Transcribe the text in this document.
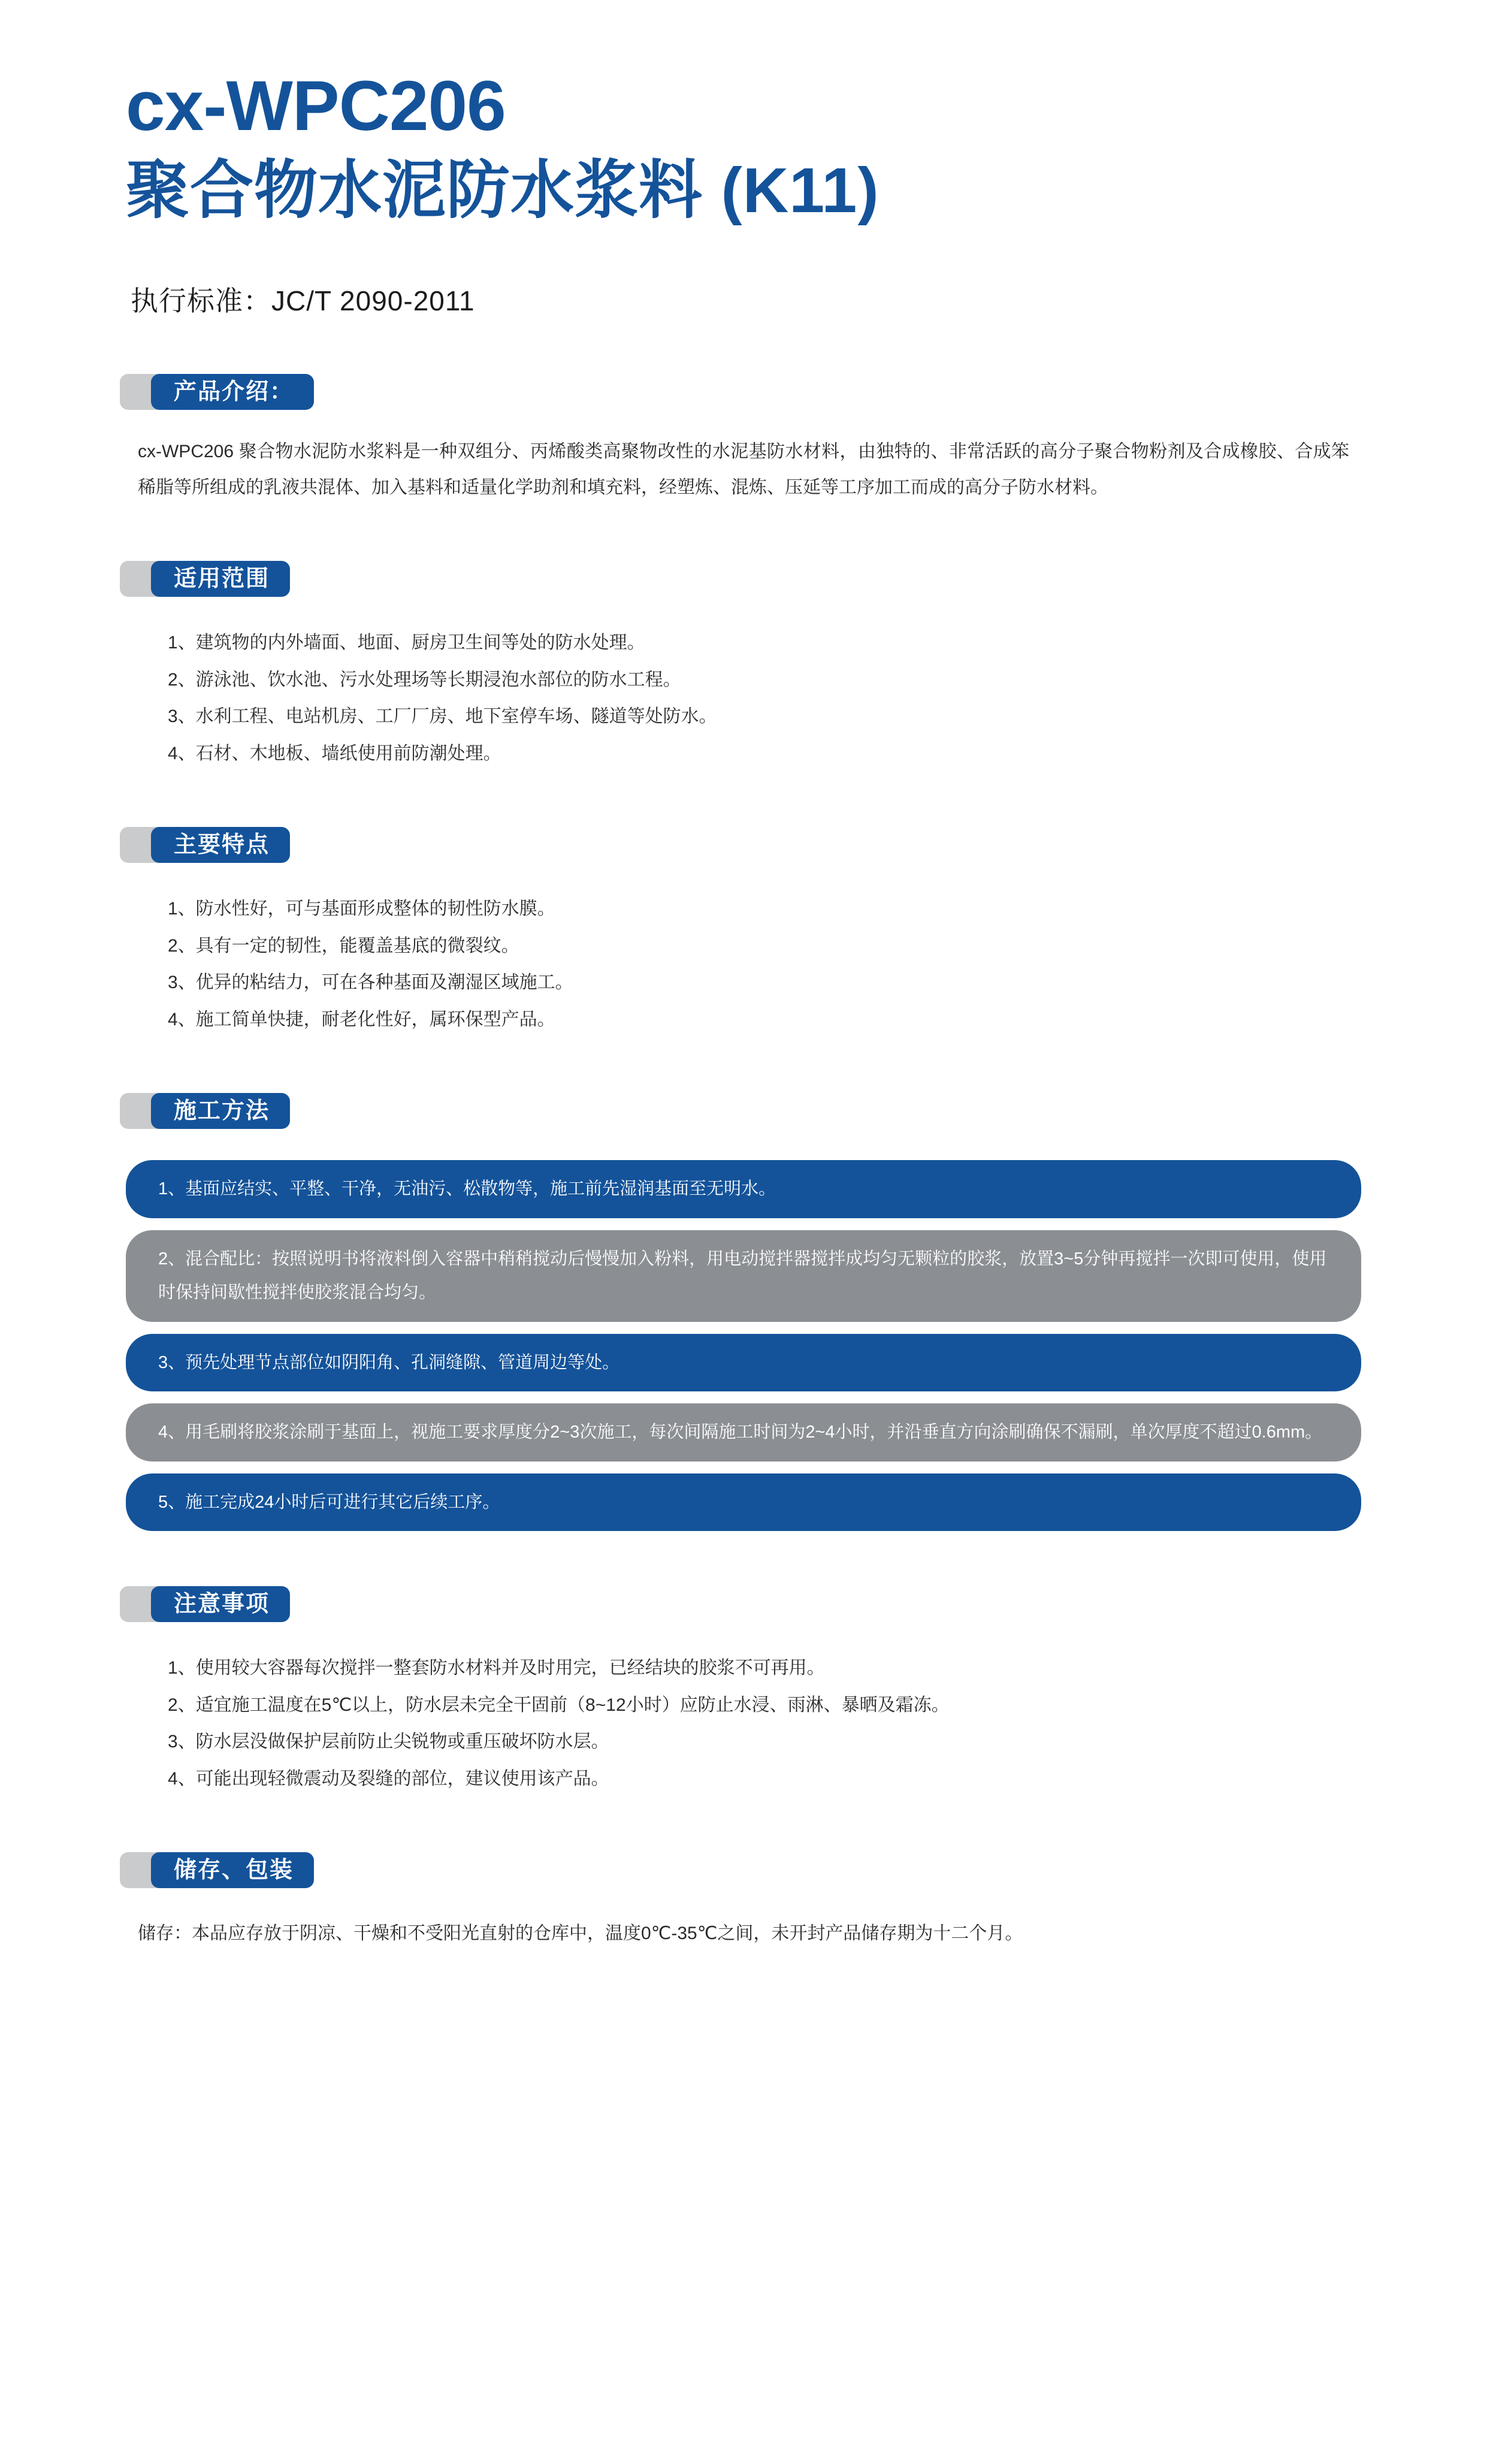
cx-WPC206
聚合物水泥防水浆料 (K11)
执行标准：JC/T 2090-2011
产品介绍：

cx-WPC206 聚合物水泥防水浆料是一种双组分、丙烯酸类高聚物改性的水泥基防水材料，由独特的、非常活跃的高分子聚合物粉剂及合成橡胶、合成笨稀脂等所组成的乳液共混体、加入基料和适量化学助剂和填充料，经塑炼、混炼、压延等工序加工而成的高分子防水材料。

适用范围
1、建筑物的内外墙面、地面、厨房卫生间等处的防水处理。
2、游泳池、饮水池、污水处理场等长期浸泡水部位的防水工程。
3、水利工程、电站机房、工厂厂房、地下室停车场、隧道等处防水。
4、石材、木地板、墙纸使用前防潮处理。
主要特点
1、防水性好，可与基面形成整体的韧性防水膜。
2、具有一定的韧性，能覆盖基底的微裂纹。
3、优异的粘结力，可在各种基面及潮湿区域施工。
4、施工简单快捷，耐老化性好，属环保型产品。
施工方法
1、基面应结实、平整、干净，无油污、松散物等，施工前先湿润基面至无明水。
2、混合配比：按照说明书将液料倒入容器中稍稍搅动后慢慢加入粉料，用电动搅拌器搅拌成均匀无颗粒的胶浆，放置3~5分钟再搅拌一次即可使用，使用时保持间歇性搅拌使胶浆混合均匀。
3、预先处理节点部位如阴阳角、孔洞缝隙、管道周边等处。
4、用毛刷将胶浆涂刷于基面上，视施工要求厚度分2~3次施工，每次间隔施工时间为2~4小时，并沿垂直方向涂刷确保不漏刷，单次厚度不超过0.6mm。
5、施工完成24小时后可进行其它后续工序。
注意事项
1、使用较大容器每次搅拌一整套防水材料并及时用完，已经结块的胶浆不可再用。
2、适宜施工温度在5℃以上，防水层未完全干固前（8~12小时）应防止水浸、雨淋、暴晒及霜冻。
3、防水层没做保护层前防止尖锐物或重压破坏防水层。
4、可能出现轻微震动及裂缝的部位，建议使用该产品。
储存、包装

储存：本品应存放于阴凉、干燥和不受阳光直射的仓库中，温度0℃-35℃之间，未开封产品储存期为十二个月。
